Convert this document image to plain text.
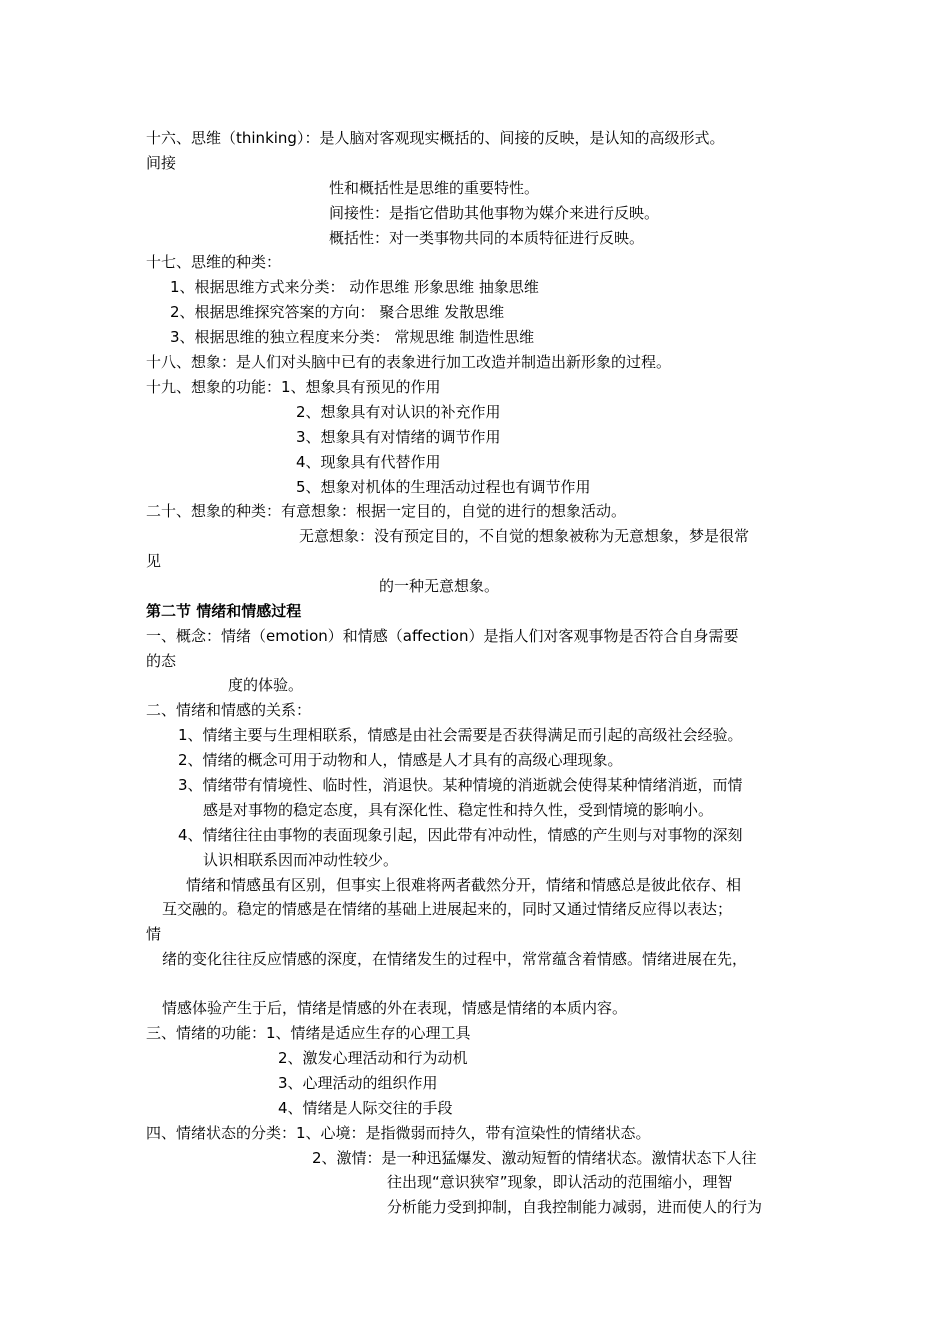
十六、思维（thinking）：是人脑对客观现实概括的、间接的反映，是认知的高级形式。
间接
性和概括性是思维的重要特性。
间接性：是指它借助其他事物为媒介来进行反映。
概括性：对一类事物共同的本质特征进行反映。
十七、思维的种类：
1、根据思维方式来分类： 动作思维 形象思维 抽象思维
2、根据思维探究答案的方向： 聚合思维 发散思维
3、根据思维的独立程度来分类： 常规思维 制造性思维
十八、想象：是人们对头脑中已有的表象进行加工改造并制造出新形象的过程。
十九、想象的功能：1、想象具有预见的作用
2、想象具有对认识的补充作用
3、想象具有对情绪的调节作用
4、现象具有代替作用
5、想象对机体的生理活动过程也有调节作用
二十、想象的种类：有意想象：根据一定目的，自觉的进行的想象活动。
无意想象：没有预定目的，不自觉的想象被称为无意想象，梦是很常
见
的一种无意想象。
第二节 情绪和情感过程
一、概念：情绪（emotion）和情感（affection）是指人们对客观事物是否符合自身需要
的态
度的体验。
二、情绪和情感的关系：
1、情绪主要与生理相联系，情感是由社会需要是否获得满足而引起的高级社会经验。
2、情绪的概念可用于动物和人，情感是人才具有的高级心理现象。
3、情绪带有情境性、临时性，消退快。某种情境的消逝就会使得某种情绪消逝，而情
感是对事物的稳定态度，具有深化性、稳定性和持久性，受到情境的影响小。
4、情绪往往由事物的表面现象引起，因此带有冲动性，情感的产生则与对事物的深刻
认识相联系因而冲动性较少。
情绪和情感虽有区别，但事实上很难将两者截然分开，情绪和情感总是彼此依存、相
互交融的。稳定的情感是在情绪的基础上进展起来的，同时又通过情绪反应得以表达；
情
绪的变化往往反应情感的深度，在情绪发生的过程中，常常蕴含着情感。情绪进展在先，
情感体验产生于后，情绪是情感的外在表现，情感是情绪的本质内容。
三、情绪的功能：1、情绪是适应生存的心理工具
2、激发心理活动和行为动机
3、心理活动的组织作用
4、情绪是人际交往的手段
四、情绪状态的分类：1、心境：是指微弱而持久，带有渲染性的情绪状态。
2、激情：是一种迅猛爆发、激动短暂的情绪状态。激情状态下人往
往出现“意识狭窄”现象，即认活动的范围缩小，理智
分析能力受到抑制，自我控制能力减弱，进而使人的行为
